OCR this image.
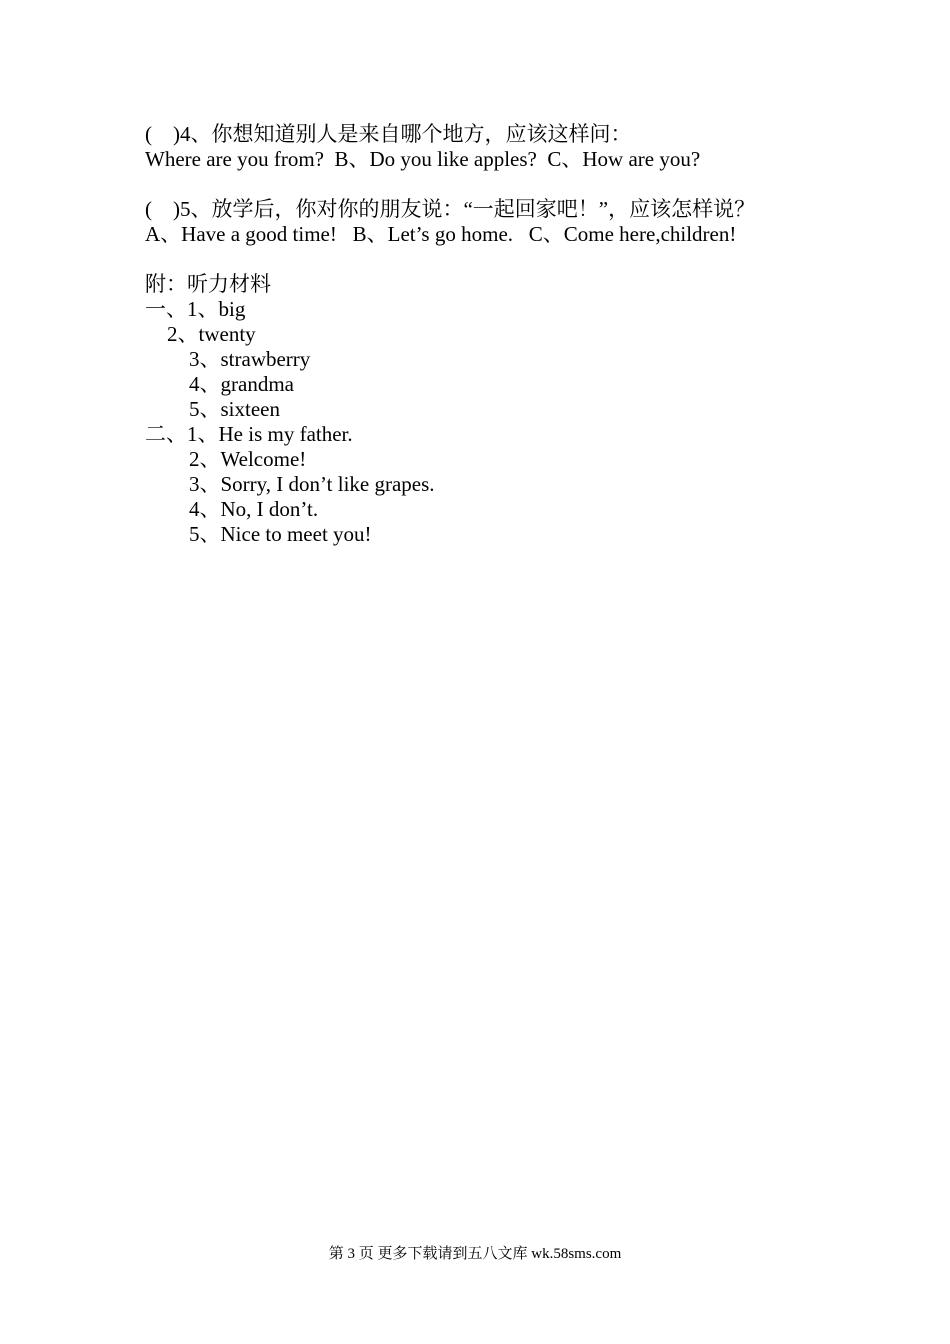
(    )4、你想知道别人是来自哪个地方，应该这样问：
Where are you from?  B、Do you like apples?  C、How are you?
(    )5、放学后，你对你的朋友说：“一起回家吧！”，应该怎样说？
A、Have a good time!   B、Let’s go home.   C、Come here,children!
附：听力材料
一、1、big
2、twenty
3、strawberry
4、grandma
5、sixteen
二、1、He is my father.
2、Welcome!
3、Sorry, I don’t like grapes.
4、No, I don’t.
5、Nice to meet you!
第 3 页 更多下载请到五八文库 wk.58sms.com
